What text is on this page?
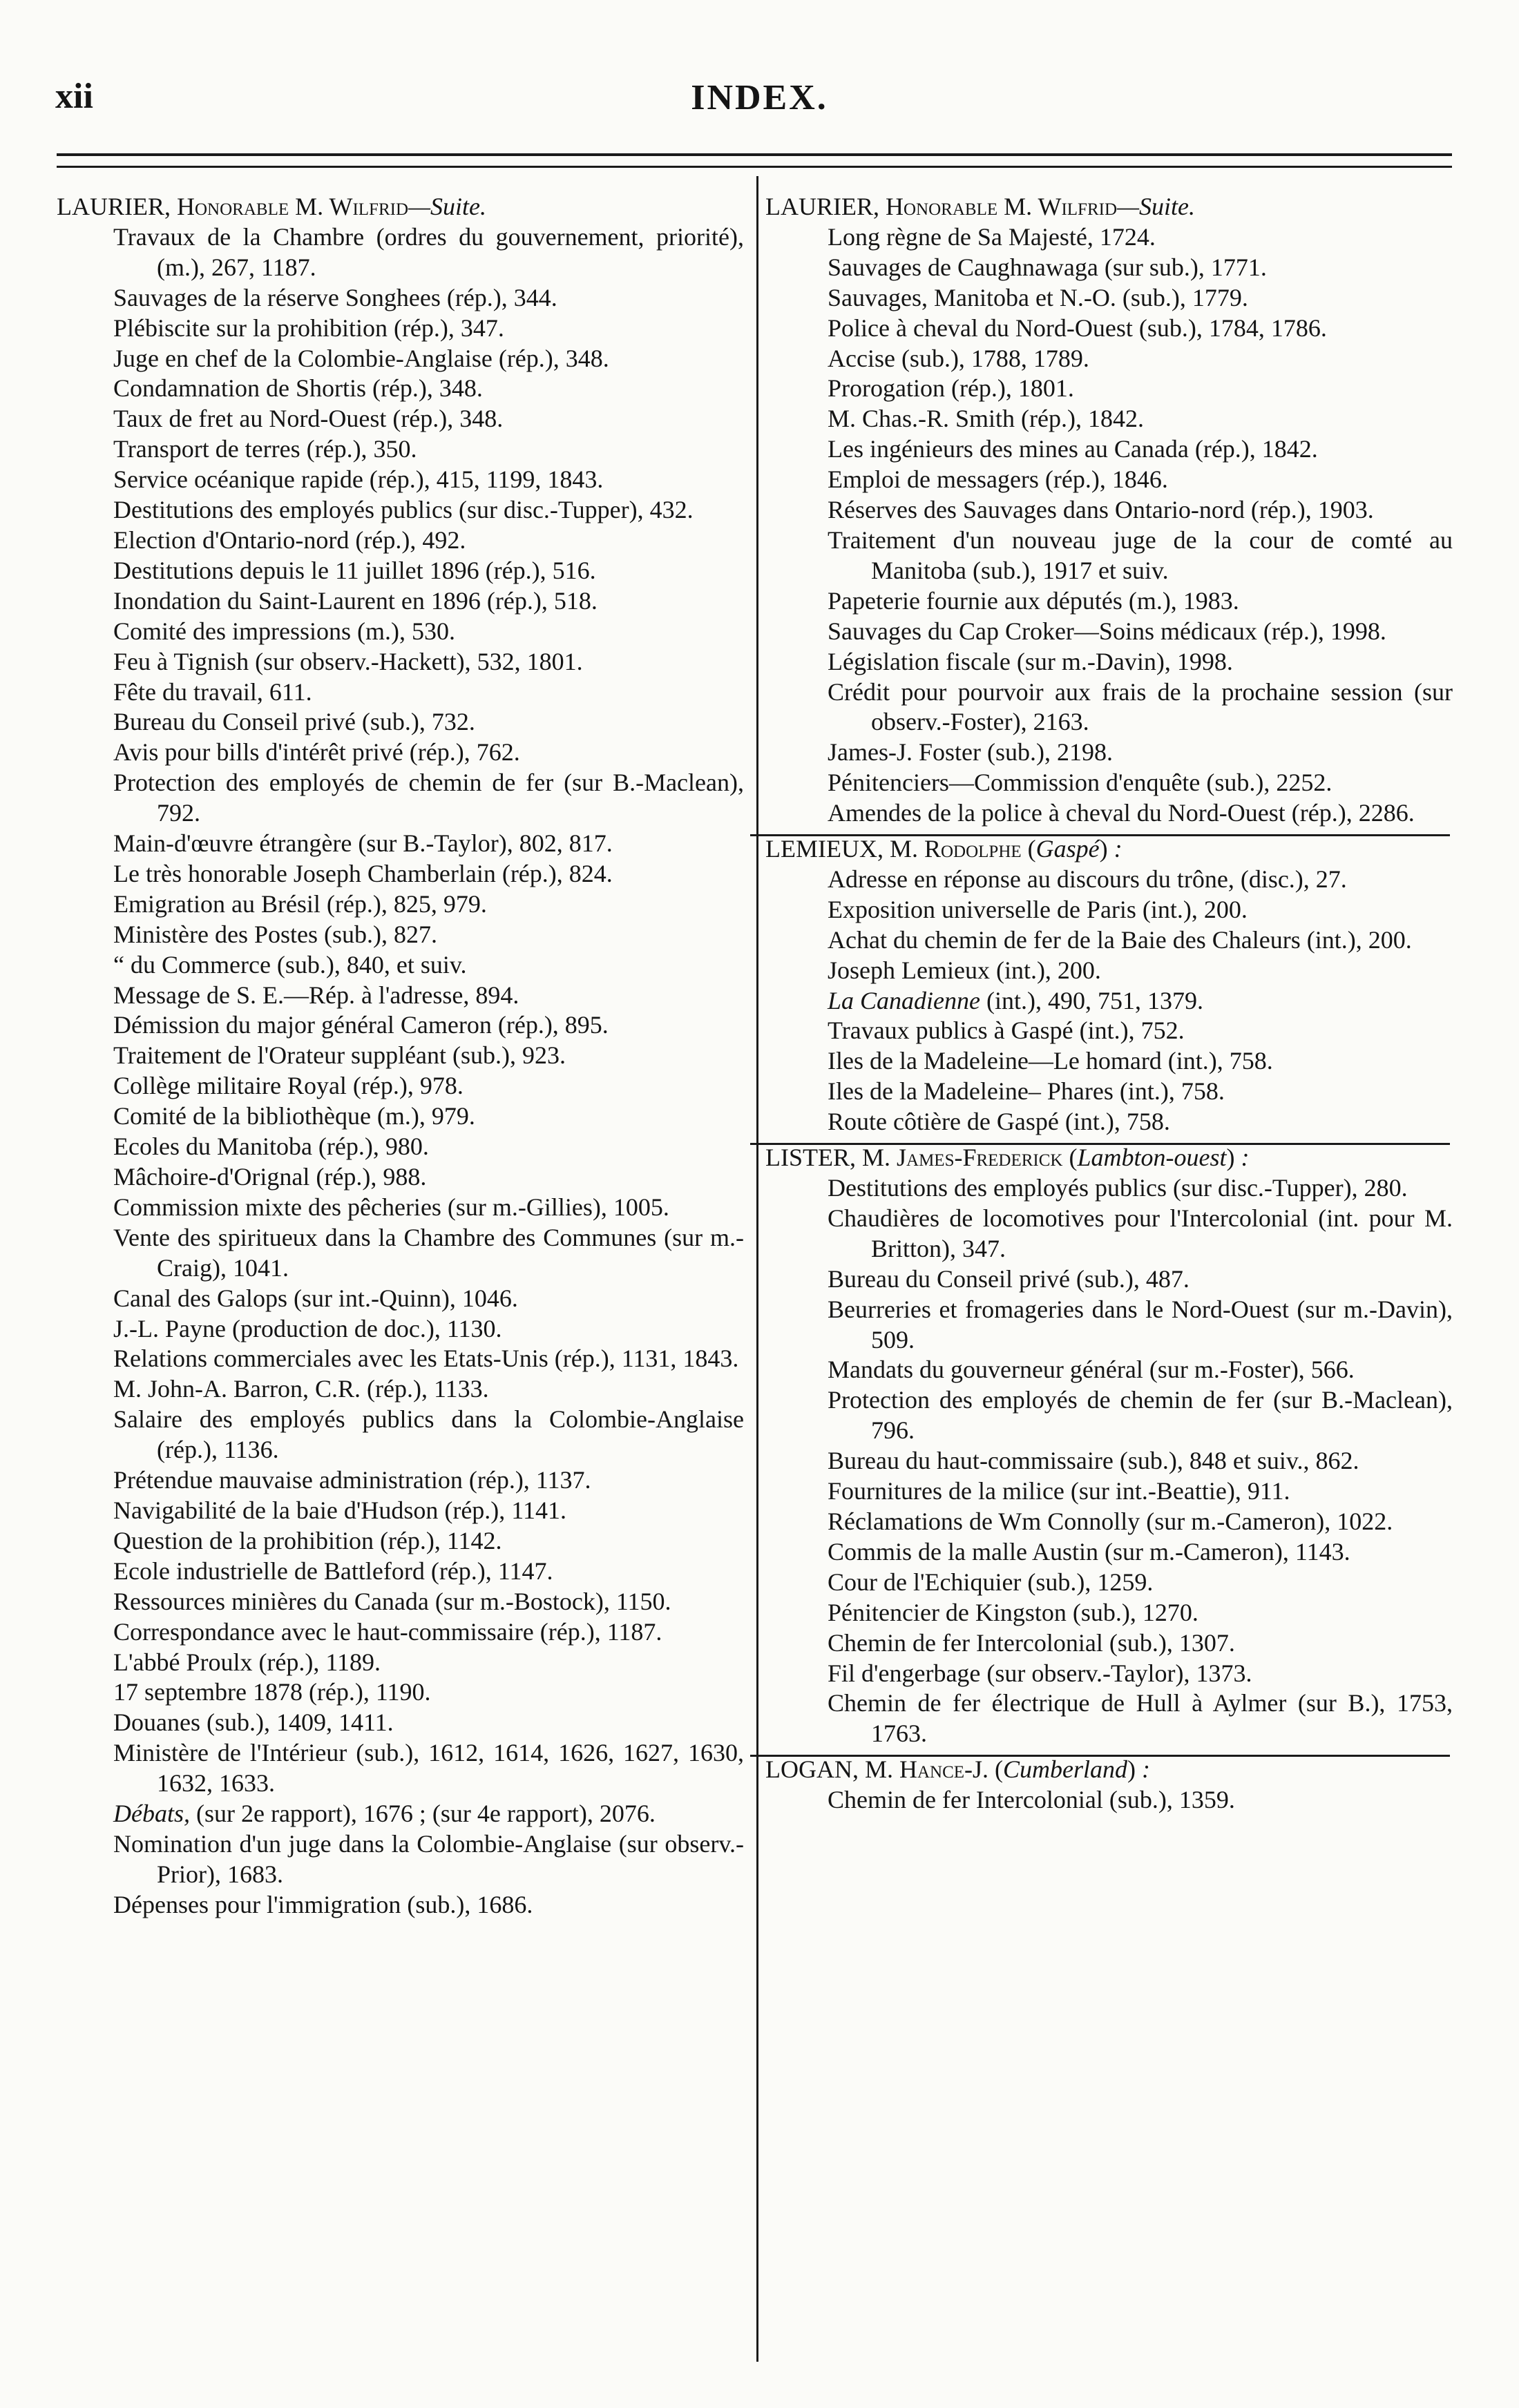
xii	INDEX.

LAURIER, Honorable M. Wilfrid—Suite.

Travaux de la Chambre (ordres du gouvernement, priorité), (m.), 267, 1187.

Sauvages de la réserve Songhees (rép.), 344.

Plébiscite sur la prohibition (rép.), 347.

Juge en chef de la Colombie-Anglaise (rép.), 348.

Condamnation de Shortis (rép.), 348.

Taux de fret au Nord-Ouest (rép.), 348.

Transport de terres (rép.), 350.

Service océanique rapide (rép.), 415, 1199, 1843.

Destitutions des employés publics (sur disc.-Tupper), 432.

Election d'Ontario-nord (rép.), 492.

Destitutions depuis le 11 juillet 1896 (rép.), 516.

Inondation du Saint-Laurent en 1896 (rép.), 518.

Comité des impressions (m.), 530.

Feu à Tignish (sur observ.-Hackett), 532, 1801.

Fête du travail, 611.

Bureau du Conseil privé (sub.), 732.

Avis pour bills d'intérêt privé (rép.), 762.

Protection des employés de chemin de fer (sur B.-Maclean), 792.

Main-d'œuvre étrangère (sur B.-Taylor), 802, 817.

Le très honorable Joseph Chamberlain (rép.), 824.

Emigration au Brésil (rép.), 825, 979.

Ministère des Postes (sub.), 827.

“ du Commerce (sub.), 840, et suiv.

Message de S. E.—Rép. à l'adresse, 894.

Démission du major général Cameron (rép.), 895.

Traitement de l'Orateur suppléant (sub.), 923.

Collège militaire Royal (rép.), 978.

Comité de la bibliothèque (m.), 979.

Ecoles du Manitoba (rép.), 980.

Mâchoire-d'Orignal (rép.), 988.

Commission mixte des pêcheries (sur m.-Gillies), 1005.

Vente des spiritueux dans la Chambre des Communes (sur m.-Craig), 1041.

Canal des Galops (sur int.-Quinn), 1046.

J.-L. Payne (production de doc.), 1130.

Relations commerciales avec les Etats-Unis (rép.), 1131, 1843.

M. John-A. Barron, C.R. (rép.), 1133.

Salaire des employés publics dans la Colombie-Anglaise (rép.), 1136.

Prétendue mauvaise administration (rép.), 1137.

Navigabilité de la baie d'Hudson (rép.), 1141.

Question de la prohibition (rép.), 1142.

Ecole industrielle de Battleford (rép.), 1147.

Ressources minières du Canada (sur m.-Bostock), 1150.

Correspondance avec le haut-commissaire (rép.), 1187.

L'abbé Proulx (rép.), 1189.

17 septembre 1878 (rép.), 1190.

Douanes (sub.), 1409, 1411.

Ministère de l'Intérieur (sub.), 1612, 1614, 1626, 1627, 1630, 1632, 1633.

Débats, (sur 2e rapport), 1676 ; (sur 4e rapport), 2076.

Nomination d'un juge dans la Colombie-Anglaise (sur observ.-Prior), 1683.

Dépenses pour l'immigration (sub.), 1686.

LAURIER, Honorable M. Wilfrid—Suite.

Long règne de Sa Majesté, 1724.

Sauvages de Caughnawaga (sur sub.), 1771.

Sauvages, Manitoba et N.-O. (sub.), 1779.

Police à cheval du Nord-Ouest (sub.), 1784, 1786.

Accise (sub.), 1788, 1789.

Prorogation (rép.), 1801.

M. Chas.-R. Smith (rép.), 1842.

Les ingénieurs des mines au Canada (rép.), 1842.

Emploi de messagers (rép.), 1846.

Réserves des Sauvages dans Ontario-nord (rép.), 1903.

Traitement d'un nouveau juge de la cour de comté au Manitoba (sub.), 1917 et suiv.

Papeterie fournie aux députés (m.), 1983.

Sauvages du Cap Croker—Soins médicaux (rép.), 1998.

Législation fiscale (sur m.-Davin), 1998.

Crédit pour pourvoir aux frais de la prochaine session (sur observ.-Foster), 2163.

James-J. Foster (sub.), 2198.

Pénitenciers—Commission d'enquête (sub.), 2252.

Amendes de la police à cheval du Nord-Ouest (rép.), 2286.

LEMIEUX, M. Rodolphe (Gaspé) :

Adresse en réponse au discours du trône, (disc.), 27.

Exposition universelle de Paris (int.), 200.

Achat du chemin de fer de la Baie des Chaleurs (int.), 200.

Joseph Lemieux (int.), 200.

La Canadienne (int.), 490, 751, 1379.

Travaux publics à Gaspé (int.), 752.

Iles de la Madeleine—Le homard (int.), 758.

Iles de la Madeleine– Phares (int.), 758.

Route côtière de Gaspé (int.), 758.

LISTER, M. James-Frederick (Lambton-ouest) :

Destitutions des employés publics (sur disc.-Tupper), 280.

Chaudières de locomotives pour l'Intercolonial (int. pour M. Britton), 347.

Bureau du Conseil privé (sub.), 487.

Beurreries et fromageries dans le Nord-Ouest (sur m.-Davin), 509.

Mandats du gouverneur général (sur m.-Foster), 566.

Protection des employés de chemin de fer (sur B.-Maclean), 796.

Bureau du haut-commissaire (sub.), 848 et suiv., 862.

Fournitures de la milice (sur int.-Beattie), 911.

Réclamations de Wm Connolly (sur m.-Cameron), 1022.

Commis de la malle Austin (sur m.-Cameron), 1143.

Cour de l'Echiquier (sub.), 1259.

Pénitencier de Kingston (sub.), 1270.

Chemin de fer Intercolonial (sub.), 1307.

Fil d'engerbage (sur observ.-Taylor), 1373.

Chemin de fer électrique de Hull à Aylmer (sur B.), 1753, 1763.

LOGAN, M. Hance-J. (Cumberland) :

Chemin de fer Intercolonial (sub.), 1359.
